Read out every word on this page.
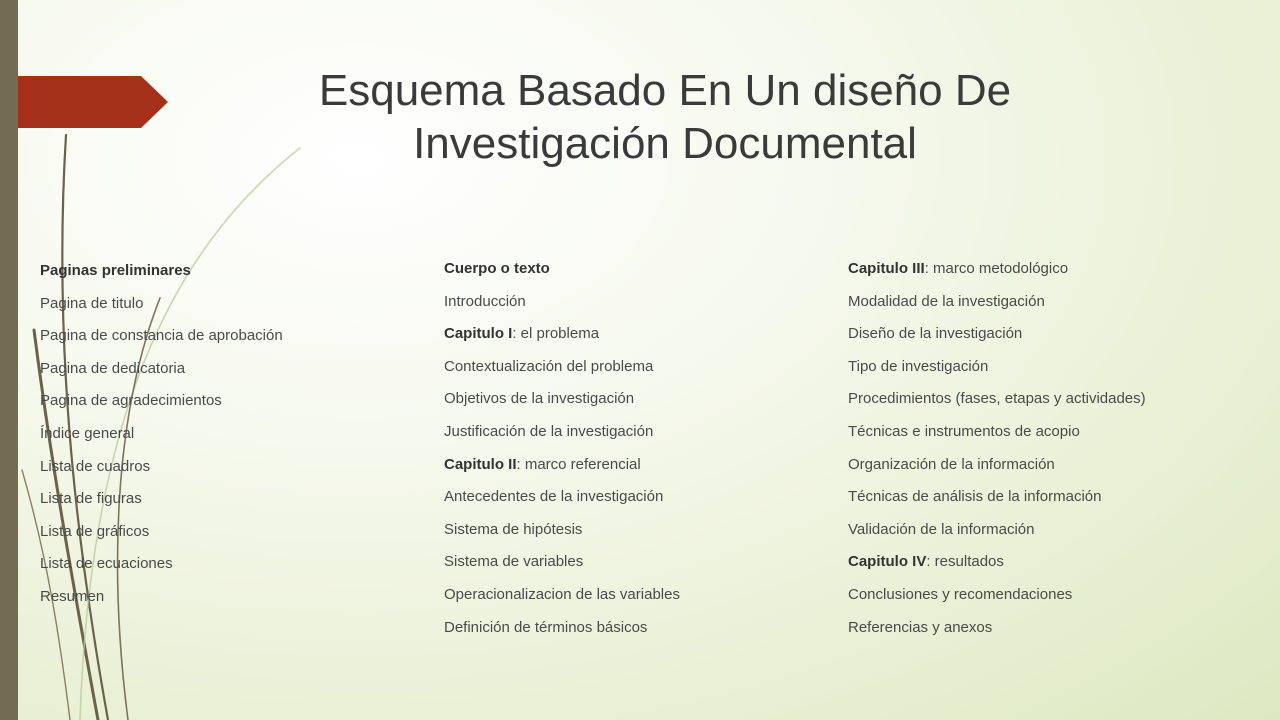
Esquema Basado En Un diseño De
Investigación Documental
Paginas preliminares
Pagina de titulo
Pagina de constancia de aprobación
Pagina de dedicatoria
Pagina de agradecimientos
Índice general
Lista de cuadros
Lista de figuras
Lista de gráficos
Lista de ecuaciones
Resumen
Cuerpo o texto
Introducción
Capitulo I: el problema
Contextualización del problema
Objetivos de la investigación
Justificación de la investigación
Capitulo II: marco referencial
Antecedentes de la investigación
Sistema de hipótesis
Sistema de variables
Operacionalizacion de las variables
Definición de términos básicos
Capitulo III: marco metodológico
Modalidad de la investigación
Diseño de la investigación
Tipo de investigación
Procedimientos (fases, etapas y actividades)
Técnicas e instrumentos de acopio
Organización de la información
Técnicas de análisis de la información
Validación de la información
Capitulo IV: resultados
Conclusiones y recomendaciones
Referencias y anexos
